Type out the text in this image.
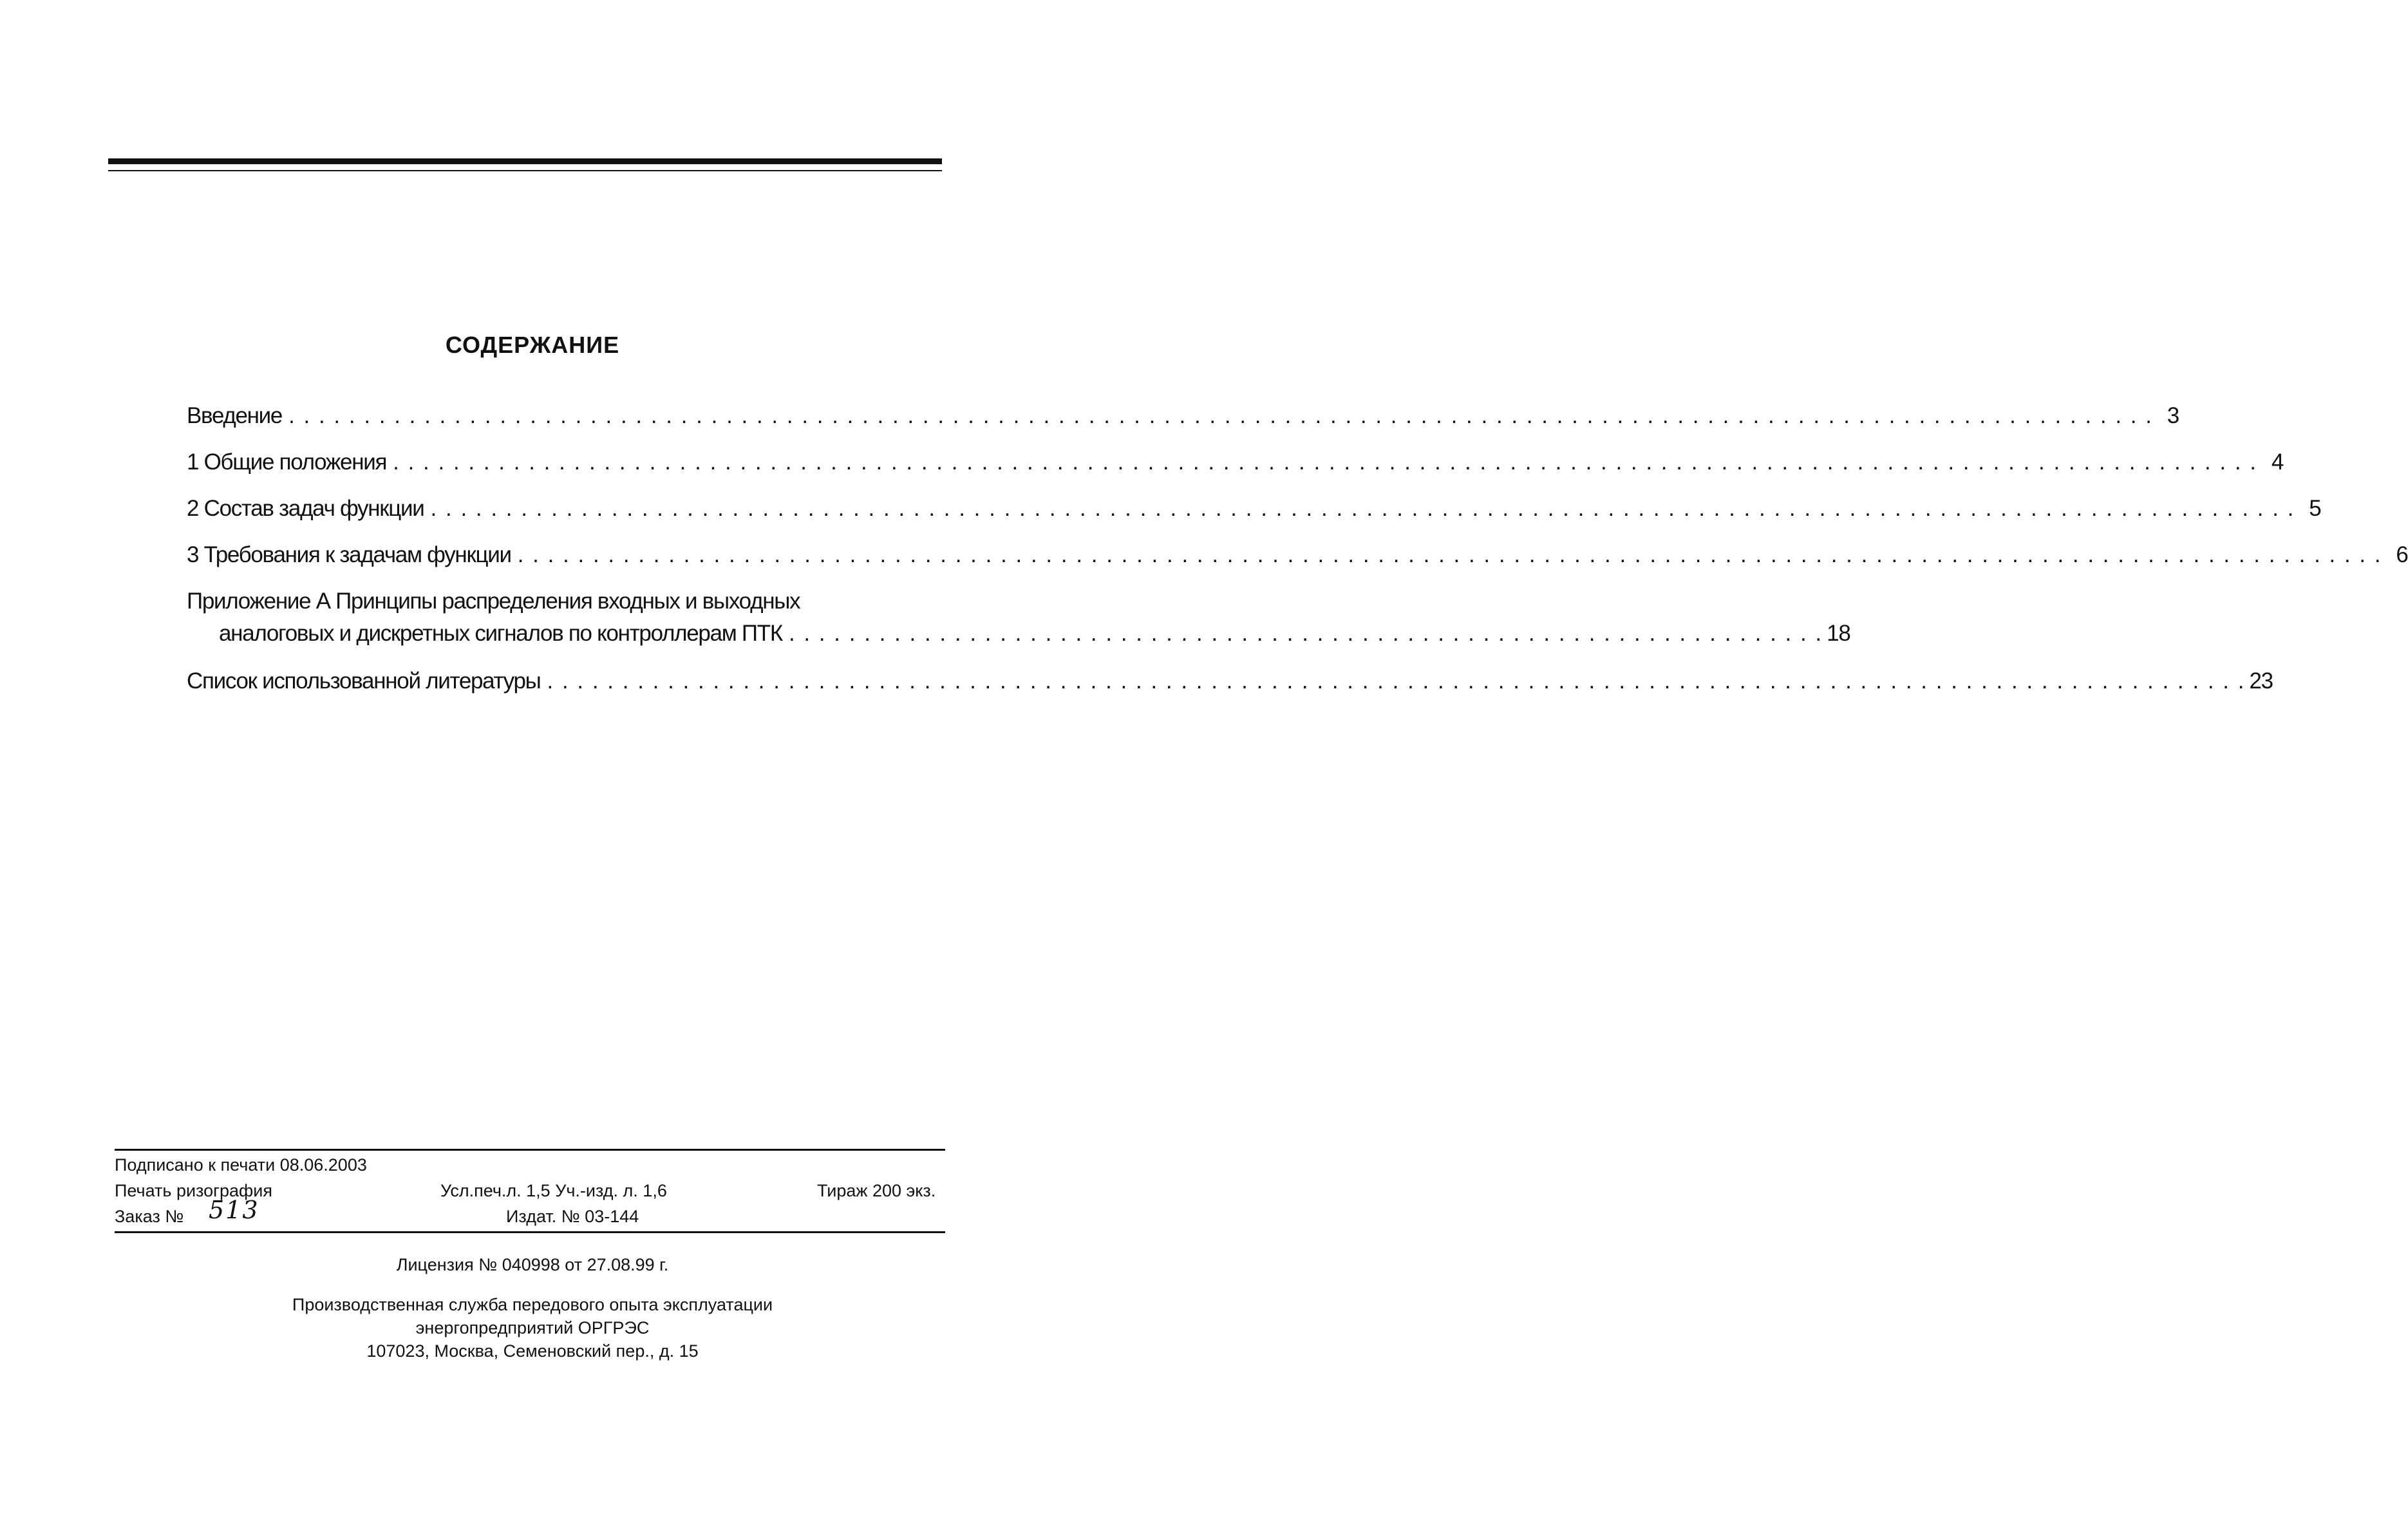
СОДЕРЖАНИЕ
Введение . . . . . . . . . . . . . . . . . . . . . . . . . . . . . . . . . . . . . . . . . . . . . . . . . . . . . . . . . . . . . . . . . . . . . . . . . . . . . . . . . . . . . . . . . . . . . . . . . . . . . . . . . . . . . . . . . . . . . . . . . . . . 3
1 Общие положения . . . . . . . . . . . . . . . . . . . . . . . . . . . . . . . . . . . . . . . . . . . . . . . . . . . . . . . . . . . . . . . . . . . . . . . . . . . . . . . . . . . . . . . . . . . . . . . . . . . . . . . . . . . . . . . . . . . . . . . . . . . . 4
2 Состав задач функции . . . . . . . . . . . . . . . . . . . . . . . . . . . . . . . . . . . . . . . . . . . . . . . . . . . . . . . . . . . . . . . . . . . . . . . . . . . . . . . . . . . . . . . . . . . . . . . . . . . . . . . . . . . . . . . . . . . . . . . . . . . . 5
3 Требования к задачам функции . . . . . . . . . . . . . . . . . . . . . . . . . . . . . . . . . . . . . . . . . . . . . . . . . . . . . . . . . . . . . . . . . . . . . . . . . . . . . . . . . . . . . . . . . . . . . . . . . . . . . . . . . . . . . . . . . . . . . . . . . . . . 6
Приложение А Принципы распределения входных и выходных
аналоговых и дискретных сигналов по контроллерам ПТК . . . . . . . . . . . . . . . . . . . . . . . . . . . . . . . . . . . . . . . . . . . . . . . . . . . . . . . . . . . . . . . . . . . . . 18
Список использованной литературы . . . . . . . . . . . . . . . . . . . . . . . . . . . . . . . . . . . . . . . . . . . . . . . . . . . . . . . . . . . . . . . . . . . . . . . . . . . . . . . . . . . . . . . . . . . . . . . . . . . . . . . . . . . . . . . . . 23
Подписано к печати 08.06.2003
Печать ризография	Усл.печ.л. 1,5 Уч.-изд. л. 1,6	Тираж 200 экз.
Заказ № 513	Издат. № 03-144
Лицензия № 040998 от 27.08.99 г.
Производственная служба передового опыта эксплуатации
энергопредприятий ОРГРЭС
107023, Москва, Семеновский пер., д. 15
